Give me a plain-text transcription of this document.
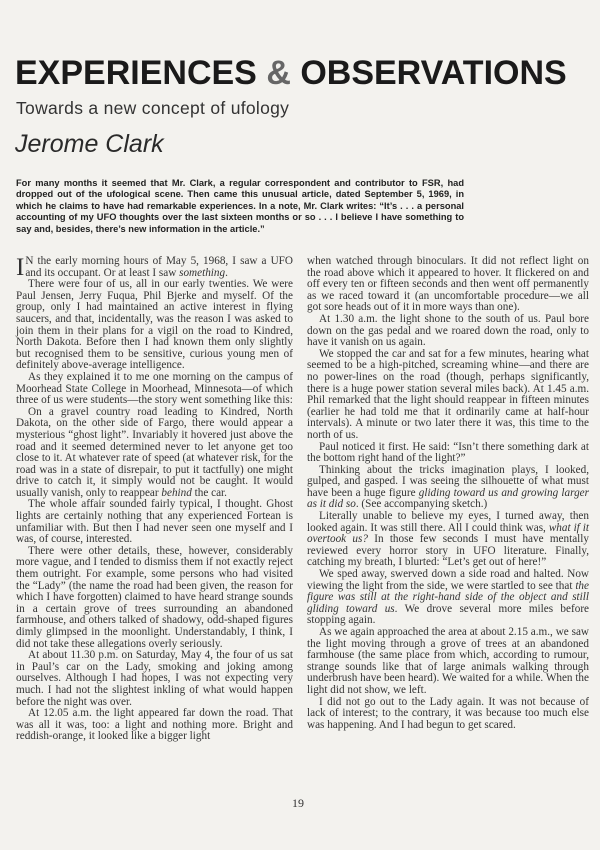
EXPERIENCES & OBSERVATIONS
Towards a new concept of ufology
Jerome Clark
For many months it seemed that Mr. Clark, a regular correspondent and contributor to FSR, had dropped out of the ufological scene. Then came this unusual article, dated September 5, 1969, in which he claims to have had remarkable experiences. In a note, Mr. Clark writes: “It’s . . . a personal accounting of my UFO thoughts over the last sixteen months or so . . . I believe I have something to say and, besides, there’s new information in the article.”

I N the early morning hours of May 5, 1968, I saw a UFO and its occupant. Or at least I saw something.

There were four of us, all in our early twenties. We were Paul Jensen, Jerry Fuqua, Phil Bjerke and myself. Of the group, only I had maintained an active interest in flying saucers, and that, incidentally, was the reason I was asked to join them in their plans for a vigil on the road to Kindred, North Dakota. Before then I had known them only slightly but recognised them to be sensitive, curious young men of definitely above-average intelligence.

As they explained it to me one morning on the campus of Moorhead State College in Moorhead, Minnesota—of which three of us were students—the story went something like this:

On a gravel country road leading to Kindred, North Dakota, on the other side of Fargo, there would appear a mysterious “ghost light”. Invariably it hovered just above the road and it seemed determined never to let anyone get too close to it. At whatever rate of speed (at whatever risk, for the road was in a state of disrepair, to put it tactfully) one might drive to catch it, it simply would not be caught. It would usually vanish, only to reappear behind the car.

The whole affair sounded fairly typical, I thought. Ghost lights are certainly nothing that any experienced Fortean is unfamiliar with. But then I had never seen one myself and I was, of course, interested.

There were other details, these, however, considerably more vague, and I tended to dismiss them if not exactly reject them outright. For example, some persons who had visited the “Lady” (the name the road had been given, the reason for which I have forgotten) claimed to have heard strange sounds in a certain grove of trees surrounding an abandoned farmhouse, and others talked of shadowy, odd-shaped figures dimly glimpsed in the moonlight. Understandably, I think, I did not take these allegations overly seriously.

At about 11.30 p.m. on Saturday, May 4, the four of us sat in Paul’s car on the Lady, smoking and joking among ourselves. Although I had hopes, I was not expecting very much. I had not the slightest inkling of what would happen before the night was over.

At 12.05 a.m. the light appeared far down the road. That was all it was, too: a light and nothing more. Bright and reddish-orange, it looked like a bigger light

when watched through binoculars. It did not reflect light on the road above which it appeared to hover. It flickered on and off every ten or fifteen seconds and then went off permanently as we raced toward it (an uncomfortable procedure—we all got sore heads out of it in more ways than one).

At 1.30 a.m. the light shone to the south of us. Paul bore down on the gas pedal and we roared down the road, only to have it vanish on us again.

We stopped the car and sat for a few minutes, hearing what seemed to be a high-pitched, screaming whine—and there are no power-lines on the road (though, perhaps significantly, there is a huge power station several miles back). At 1.45 a.m. Phil remarked that the light should reappear in fifteen minutes (earlier he had told me that it ordinarily came at half-hour intervals). A minute or two later there it was, this time to the north of us.

Paul noticed it first. He said: “Isn’t there something dark at the bottom right hand of the light?”

Thinking about the tricks imagination plays, I looked, gulped, and gasped. I was seeing the silhouette of what must have been a huge figure gliding toward us and growing larger as it did so. (See accompanying sketch.)

Literally unable to believe my eyes, I turned away, then looked again. It was still there. All I could think was, what if it overtook us? In those few seconds I must have mentally reviewed every horror story in UFO literature. Finally, catching my breath, I blurted: “Let’s get out of here!”

We sped away, swerved down a side road and halted. Now viewing the light from the side, we were startled to see that the figure was still at the right-hand side of the object and still gliding toward us. We drove several more miles before stopping again.

As we again approached the area at about 2.15 a.m., we saw the light moving through a grove of trees at an abandoned farmhouse (the same place from which, according to rumour, strange sounds like that of large animals walking through underbrush have been heard). We waited for a while. When the light did not show, we left.

I did not go out to the Lady again. It was not because of lack of interest; to the contrary, it was because too much else was happening. And I had begun to get scared.

19
